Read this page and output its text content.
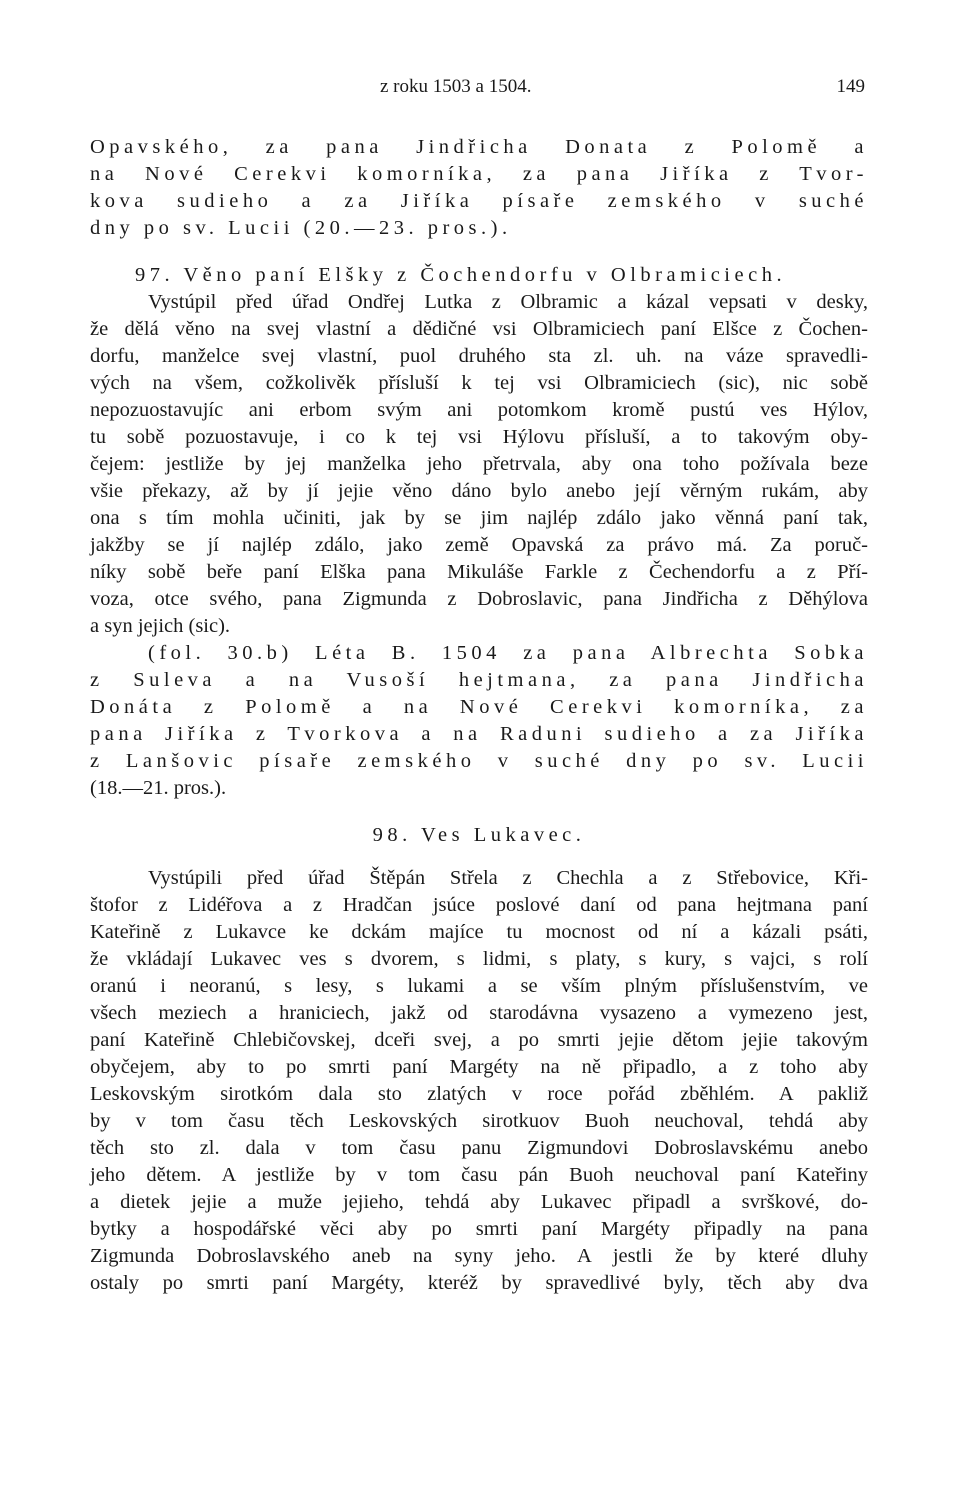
z roku 1503 a 1504.	149
Opavského, za pana Jindřicha Donata z Polomě a
na Nové Cerekvi komorníka, za pana Jiříka z Tvor-
kova sudieho a za Jiříka písaře zemského v suché
dny po sv. Lucii (20.—23. pros.).
97. Věno paní Elšky z Čochendorfu v Olbramiciech.
Vystúpil před úřad Ondřej Lutka z Olbramic a kázal vepsati v desky,
že dělá věno na svej vlastní a dědičné vsi Olbramiciech paní Elšce z Čochen-
dorfu, manželce svej vlastní, puol druhého sta zl. uh. na váze spravedli-
vých na všem, cožkolivěk přísluší k tej vsi Olbramiciech (sic), nic sobě
nepozuostavujíc ani erbom svým ani potomkom kromě pustú ves Hýlov,
tu sobě pozuostavuje, i co k tej vsi Hýlovu přísluší, a to takovým oby-
čejem: jestliže by jej manželka jeho přetrvala, aby ona toho požívala beze
všie překazy, až by jí jejie věno dáno bylo anebo její věrným rukám, aby
ona s tím mohla učiniti, jak by se jim najlép zdálo jako věnná paní tak,
jakžby se jí najlép zdálo, jako země Opavská za právo má. Za poruč-
níky sobě beře paní Elška pana Mikuláše Farkle z Čechendorfu a z Pří-
voza, otce svého, pana Zigmunda z Dobroslavic, pana Jindřicha z Děhýlova
a syn jejich (sic).
(fol. 30.b) Léta B. 1504 za pana Albrechta Sobka
z Suleva a na Vusoší hejtmana, za pana Jindřicha
Donáta z Polomě a na Nové Cerekvi komorníka, za
pana Jiříka z Tvorkova a na Raduni sudieho a za Jiříka
z Lanšovic písaře zemského v suché dny po sv. Lucii
(18.—21. pros.).
98. Ves Lukavec.
Vystúpili před úřad Štěpán Střela z Chechla a z Střebovice, Kři-
štofor z Lidéřova a z Hradčan jsúce poslové daní od pana hejtmana paní
Kateřině z Lukavce ke dckám majíce tu mocnost od ní a kázali psáti,
že vkládají Lukavec ves s dvorem, s lidmi, s platy, s kury, s vajci, s rolí
oranú i neoranú, s lesy, s lukami a se vším plným příslušenstvím, ve
všech meziech a hraniciech, jakž od starodávna vysazeno a vymezeno jest,
paní Kateřině Chlebičovskej, dceři svej, a po smrti jejie dětom jejie takovým
obyčejem, aby to po smrti paní Margéty na ně připadlo, a z toho aby
Leskovským sirotkóm dala sto zlatých v roce pořád zběhlém. A pakliž
by v tom času těch Leskovských sirotkuov Buoh neuchoval, tehdá aby
těch sto zl. dala v tom času panu Zigmundovi Dobroslavskému anebo
jeho dětem. A jestliže by v tom času pán Buoh neuchoval paní Kateřiny
a dietek jejie a muže jejieho, tehdá aby Lukavec připadl a svrškové, do-
bytky a hospodářské věci aby po smrti paní Margéty připadly na pana
Zigmunda Dobroslavského aneb na syny jeho. A jestli že by které dluhy
ostaly po smrti paní Margéty, kteréž by spravedlivé byly, těch aby dva
